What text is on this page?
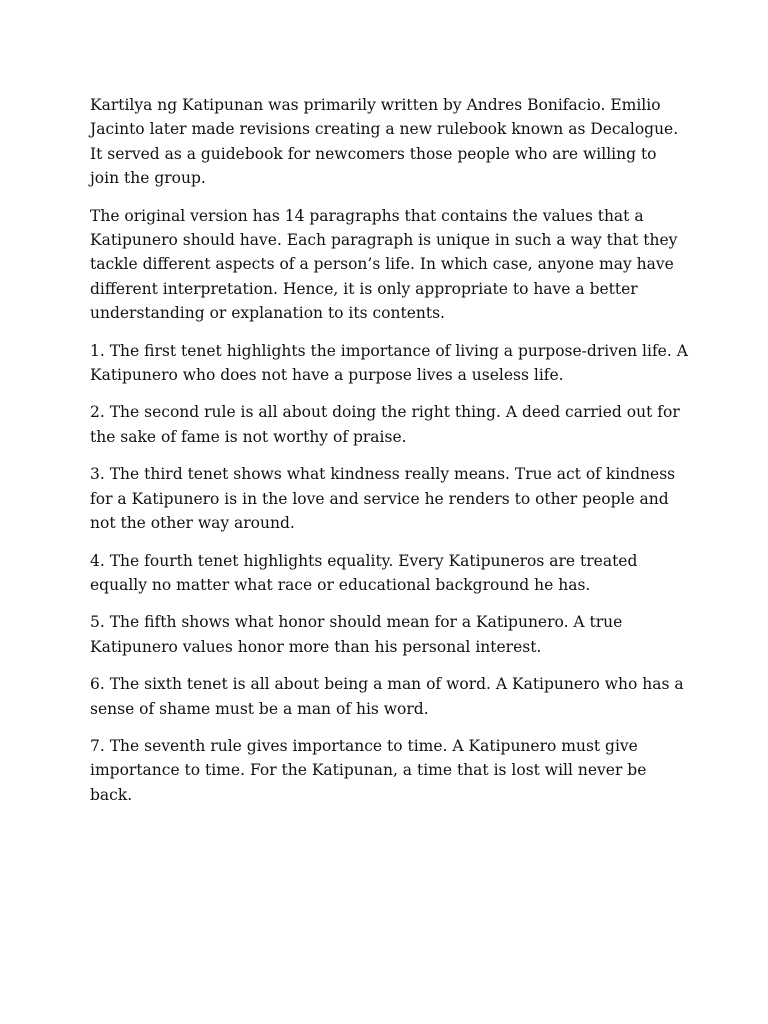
Kartilya ng Katipunan was primarily written by Andres Bonifacio. Emilio Jacinto later made revisions creating a new rulebook known as Decalogue. It served as a guidebook for newcomers those people who are willing to join the group.

The original version has 14 paragraphs that contains the values that a Katipunero should have. Each paragraph is unique in such a way that they tackle different aspects of a person’s life. In which case, anyone may have different interpretation. Hence, it is only appropriate to have a better understanding or explanation to its contents.

1. The first tenet highlights the importance of living a purpose-driven life. A Katipunero who does not have a purpose lives a useless life.

2. The second rule is all about doing the right thing. A deed carried out for the sake of fame is not worthy of praise.

3. The third tenet shows what kindness really means. True act of kindness for a Katipunero is in the love and service he renders to other people and not the other way around.

4. The fourth tenet highlights equality. Every Katipuneros are treated equally no matter what race or educational background he has.

5. The fifth shows what honor should mean for a Katipunero. A true Katipunero values honor more than his personal interest.

6. The sixth tenet is all about being a man of word. A Katipunero who has a sense of shame must be a man of his word.

7. The seventh rule gives importance to time. A Katipunero must give importance to time. For the Katipunan, a time that is lost will never be back.
